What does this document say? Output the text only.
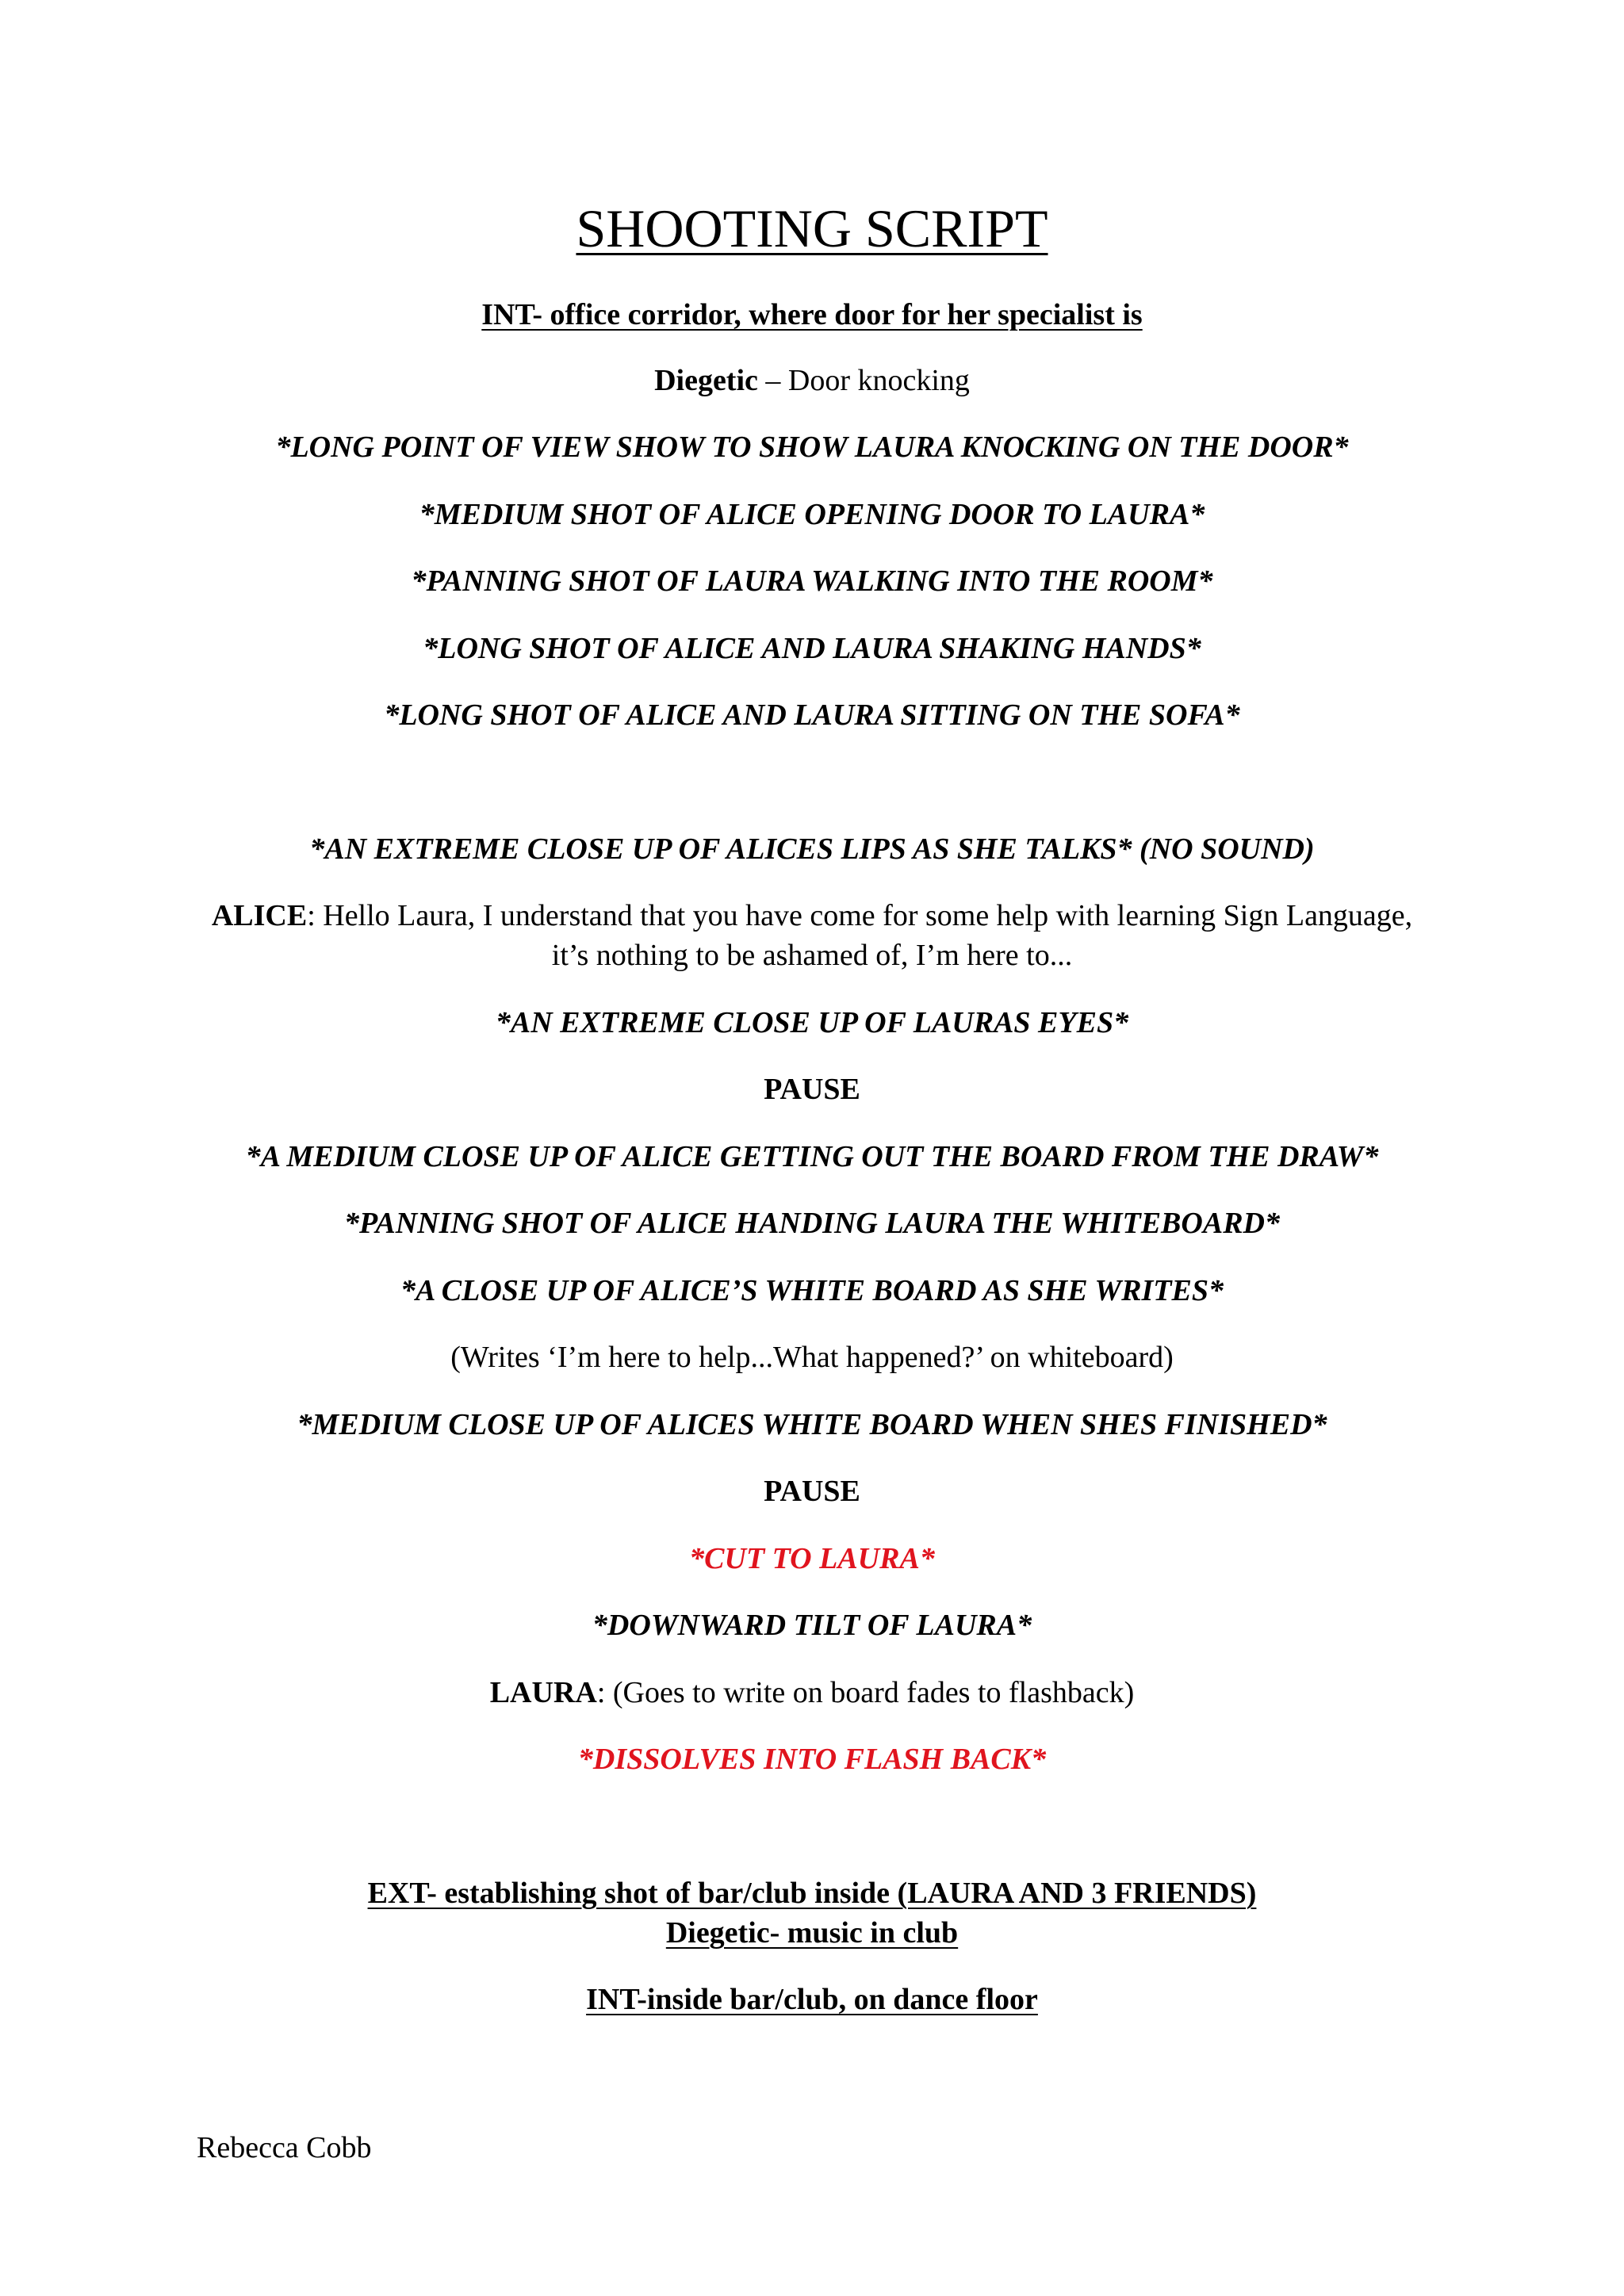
SHOOTING SCRIPT
INT- office corridor, where door for her specialist is
Diegetic – Door knocking
*LONG POINT OF VIEW SHOW TO SHOW LAURA KNOCKING ON THE DOOR*
*MEDIUM SHOT OF ALICE OPENING DOOR TO LAURA*
*PANNING SHOT OF LAURA WALKING INTO THE ROOM*
*LONG SHOT OF ALICE AND LAURA SHAKING HANDS*
*LONG SHOT OF ALICE AND LAURA SITTING ON THE SOFA*
*AN EXTREME CLOSE UP OF ALICES LIPS AS SHE TALKS* (NO SOUND)
ALICE: Hello Laura, I understand that you have come for some help with learning Sign Language,
it’s nothing to be ashamed of, I’m here to...
*AN EXTREME CLOSE UP OF LAURAS EYES*
PAUSE
*A MEDIUM CLOSE UP OF ALICE GETTING OUT THE BOARD FROM THE DRAW*
*PANNING SHOT OF ALICE HANDING LAURA THE WHITEBOARD*
*A CLOSE UP OF ALICE’S WHITE BOARD AS SHE WRITES*
(Writes ‘I’m here to help...What happened?’ on whiteboard)
*MEDIUM CLOSE UP OF ALICES WHITE BOARD WHEN SHES FINISHED*
PAUSE
*CUT TO LAURA*
*DOWNWARD TILT OF LAURA*
LAURA: (Goes to write on board fades to flashback)
*DISSOLVES INTO FLASH BACK*
EXT- establishing shot of bar/club inside (LAURA AND 3 FRIENDS)
Diegetic- music in club
INT-inside bar/club, on dance floor
Rebecca Cobb
